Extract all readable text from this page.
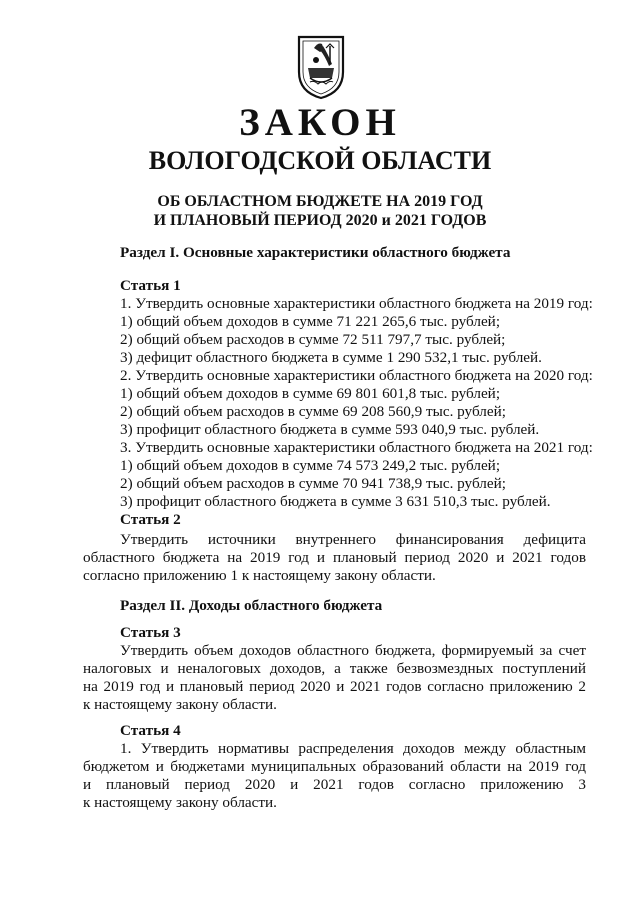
ЗАКОН
ВОЛОГОДСКОЙ ОБЛАСТИ
ОБ ОБЛАСТНОМ БЮДЖЕТЕ НА 2019 ГОД
И ПЛАНОВЫЙ ПЕРИОД 2020 и 2021 ГОДОВ
Раздел I. Основные характеристики областного бюджета
Статья 1
1. Утвердить основные характеристики областного бюджета на 2019 год:
1) общий объем доходов в сумме 71 221 265,6 тыс. рублей;
2) общий объем расходов в сумме 72 511 797,7 тыс. рублей;
3) дефицит областного бюджета в сумме 1 290 532,1 тыс. рублей.
2. Утвердить основные характеристики областного бюджета на 2020 год:
1) общий объем доходов в сумме 69 801 601,8 тыс. рублей;
2) общий объем расходов в сумме 69 208 560,9 тыс. рублей;
3) профицит областного бюджета в сумме 593 040,9 тыс. рублей.
3. Утвердить основные характеристики областного бюджета на 2021 год:
1) общий объем доходов в сумме 74 573 249,2 тыс. рублей;
2) общий объем расходов в сумме 70 941 738,9 тыс. рублей;
3) профицит областного бюджета в сумме 3 631 510,3 тыс. рублей.
Статья 2
Утвердить источники внутреннего финансирования дефицита
областного бюджета на 2019 год и плановый период 2020 и 2021 годов
согласно приложению 1 к настоящему закону области.
Раздел II. Доходы областного бюджета
Статья 3
Утвердить объем доходов областного бюджета, формируемый за счет
налоговых и неналоговых доходов, а также безвозмездных поступлений
на 2019 год и плановый период 2020 и 2021 годов согласно приложению 2
к настоящему закону области.
Статья 4
1. Утвердить нормативы распределения доходов между областным
бюджетом и бюджетами муниципальных образований области на 2019 год
и плановый период 2020 и 2021 годов согласно приложению 3
к настоящему закону области.
